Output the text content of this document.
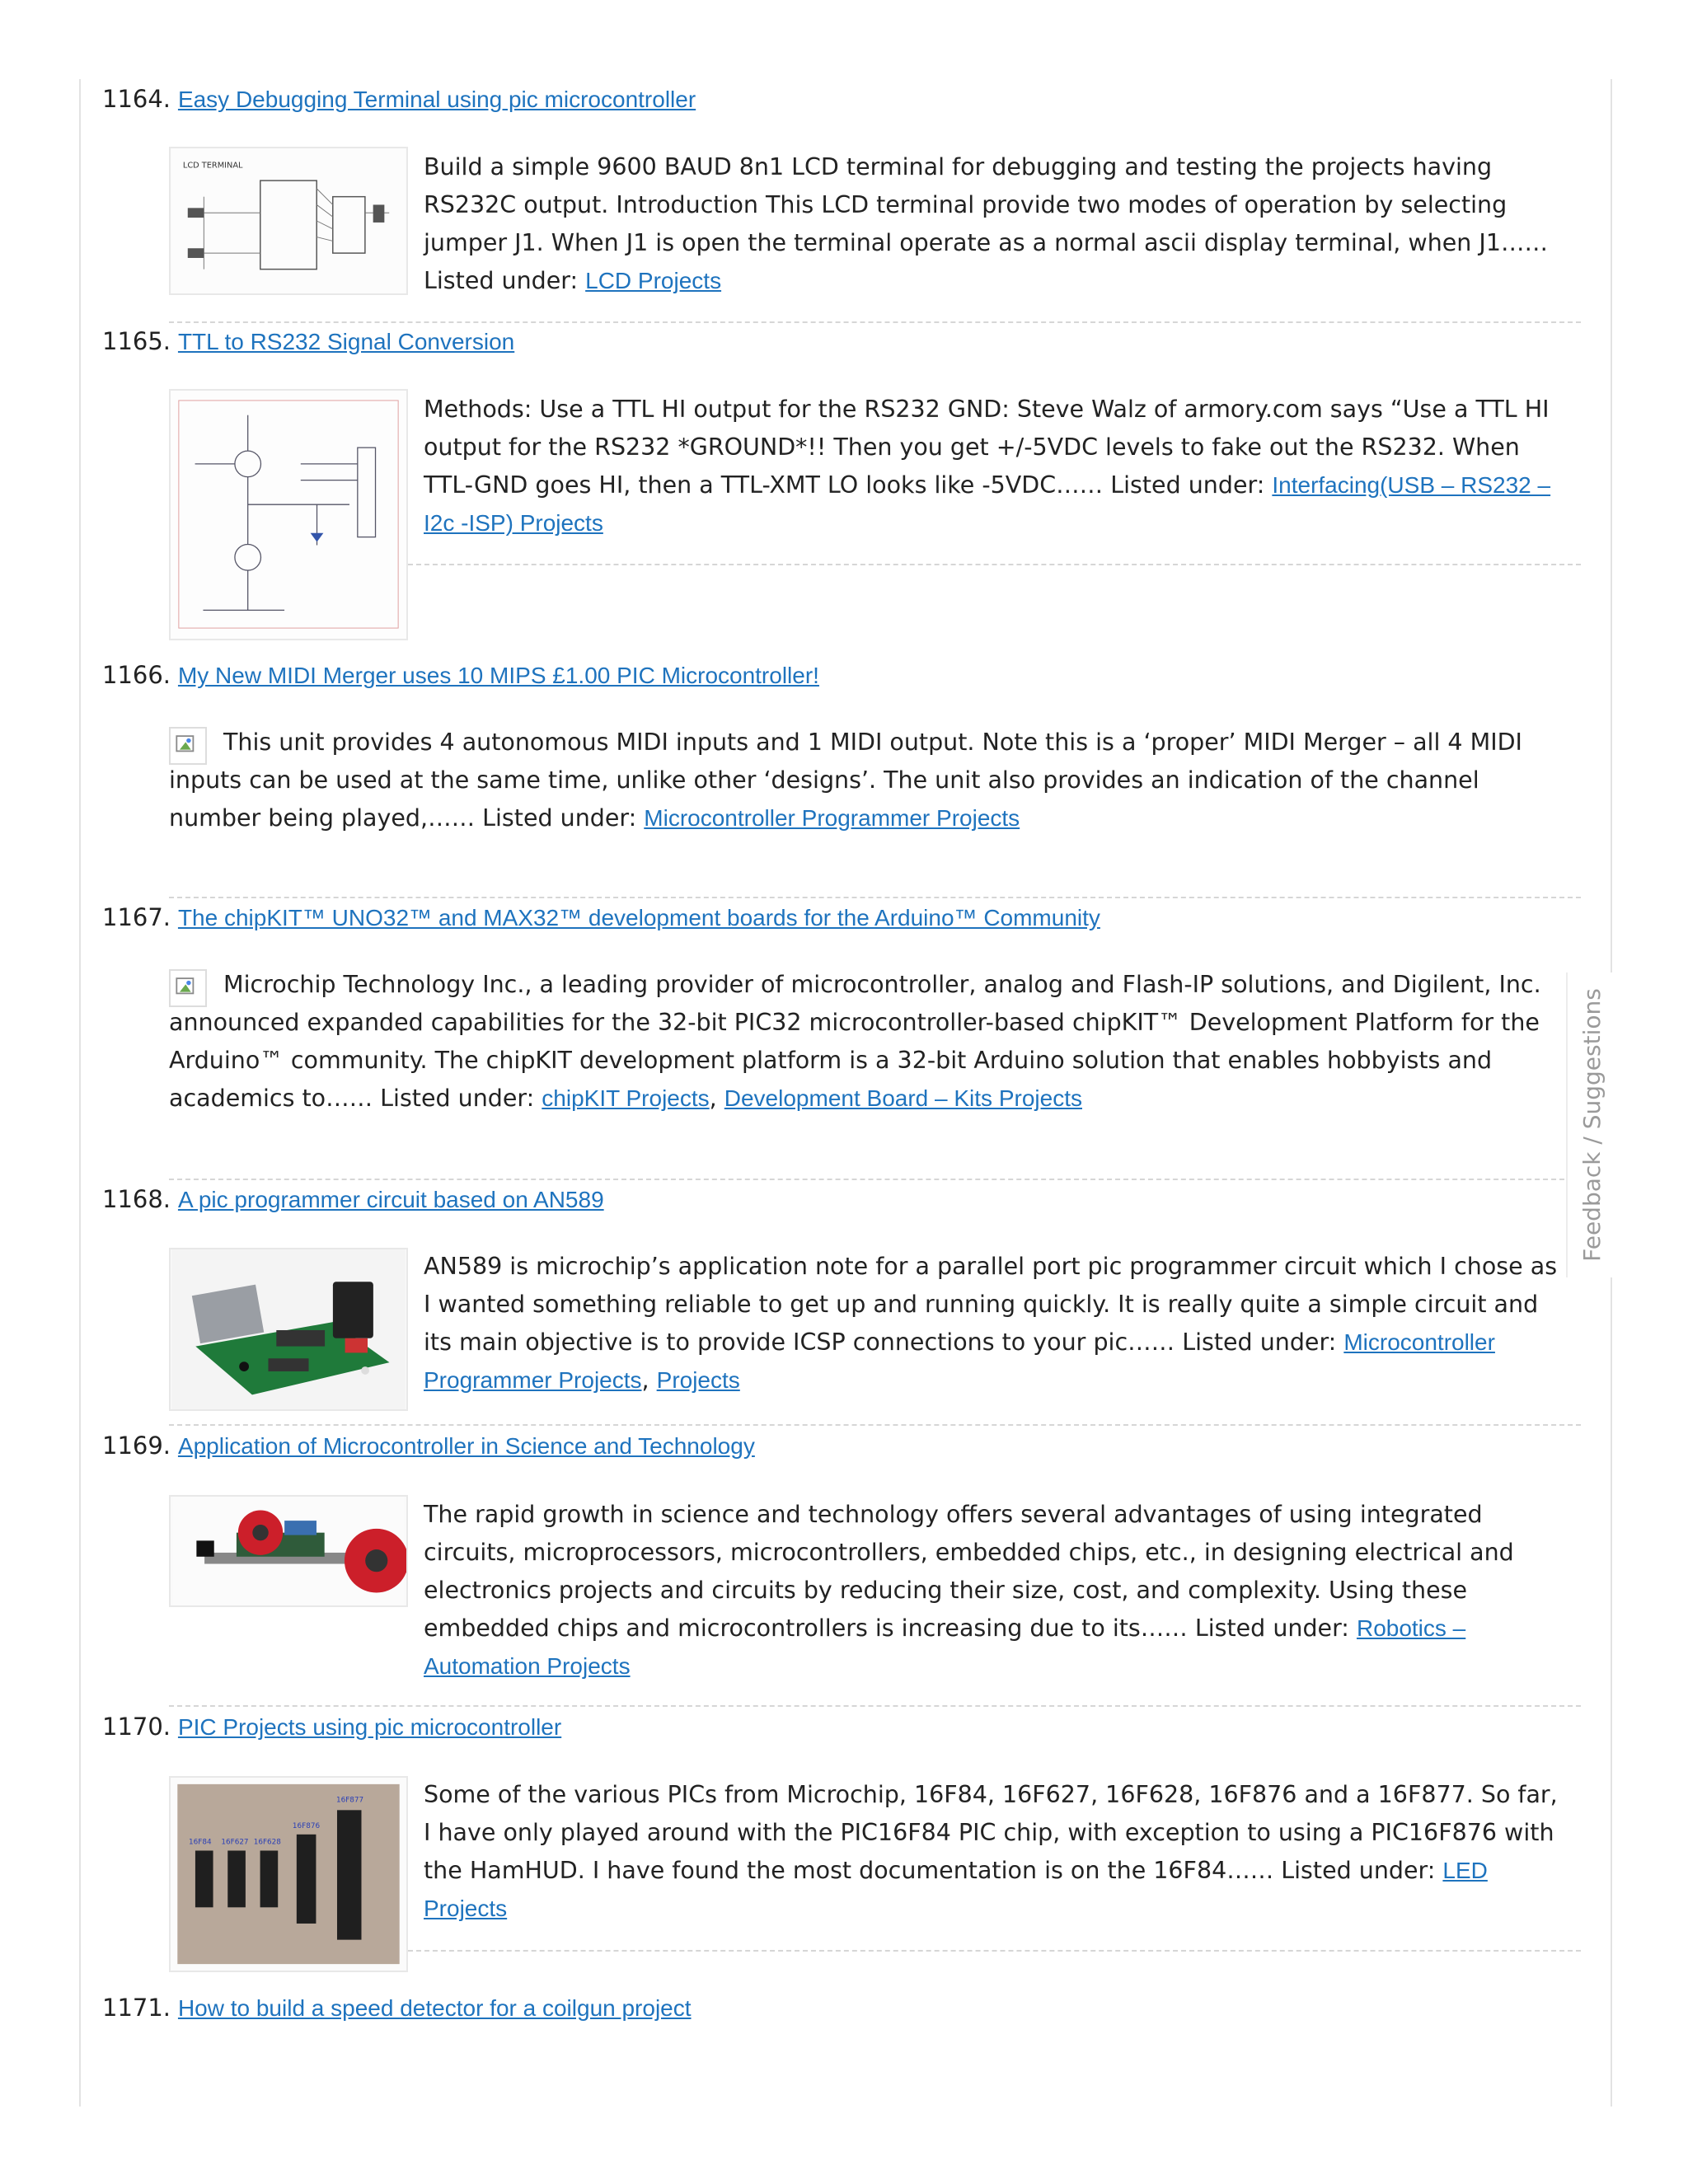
1164. Easy Debugging Terminal using pic microcontroller
LCD TERMINAL	Build a simple 9600 BAUD 8n1 LCD terminal for debugging and testing the projects having RS232C output. Introduction This LCD terminal provide two modes of operation by selecting jumper J1. When J1 is open the terminal operate as a normal ascii display terminal, when J1…… Listed under: LCD Projects
1165. TTL to RS232 Signal Conversion
Methods: Use a TTL HI output for the RS232 GND: Steve Walz of armory.com says “Use a TTL HI output for the RS232 *GROUND*!! Then you get +/-5VDC levels to fake out the RS232. When TTL-GND goes HI, then a TTL-XMT LO looks like -5VDC…… Listed under: Interfacing(USB – RS232 – I2c -ISP) Projects
1166. My New MIDI Merger uses 10 MIPS £1.00 PIC Microcontroller!
This unit provides 4 autonomous MIDI inputs and 1 MIDI output. Note this is a ‘proper’ MIDI Merger – all 4 MIDI inputs can be used at the same time, unlike other ‘designs’. The unit also provides an indication of the channel number being played,…… Listed under: Microcontroller Programmer Projects
1167. The chipKIT™ UNO32™ and MAX32™ development boards for the Arduino™ Community
Microchip Technology Inc., a leading provider of microcontroller, analog and Flash-IP solutions, and Digilent, Inc. announced expanded capabilities for the 32-bit PIC32 microcontroller-based chipKIT™ Development Platform for the Arduino™ community. The chipKIT development platform is a 32-bit Arduino solution that enables hobbyists and academics to…… Listed under: chipKIT Projects, Development Board – Kits Projects
1168. A pic programmer circuit based on AN589
AN589 is microchip’s application note for a parallel port pic programmer circuit which I chose as I wanted something reliable to get up and running quickly. It is really quite a simple circuit and its main objective is to provide ICSP connections to your pic…… Listed under: Microcontroller Programmer Projects, Projects
1169. Application of Microcontroller in Science and Technology
The rapid growth in science and technology offers several advantages of using integrated circuits, microprocessors, microcontrollers, embedded chips, etc., in designing electrical and electronics projects and circuits by reducing their size, cost, and complexity. Using these embedded chips and microcontrollers is increasing due to its…… Listed under: Robotics – Automation Projects
1170. PIC Projects using pic microcontroller
16F84 16F627 16F628
16F876
16F877	Some of the various PICs from Microchip, 16F84, 16F627, 16F628, 16F876 and a 16F877. So far, I have only played around with the PIC16F84 PIC chip, with exception to using a PIC16F876 with the HamHUD. I have found the most documentation is on the 16F84…… Listed under: LED Projects
1171. How to build a speed detector for a coilgun project
Feedback / Suggestions
